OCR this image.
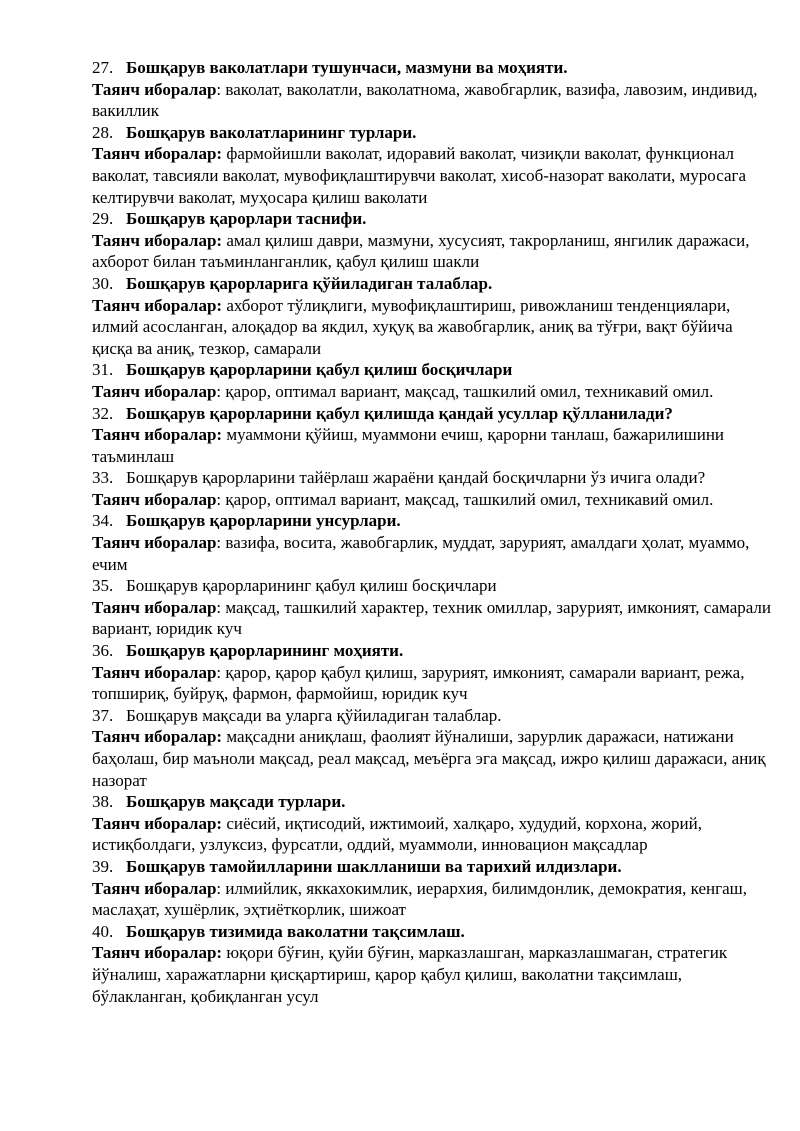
27. Бошқарув ваколатлари тушунчаси, мазмуни ва моҳияти.

Таянч иборалар: ваколат, ваколатли, ваколатнома, жавобгарлик, вазифа, лавозим, индивид, вакиллик

28. Бошқарув ваколатларининг турлари.

Таянч иборалар: фармойишли ваколат, идоравий ваколат, чизиқли ваколат, функционал ваколат, тавсияли ваколат, мувофиқлаштирувчи ваколат, хисоб-назорат ваколати, муросага келтирувчи ваколат, муҳосара қилиш ваколати

29. Бошқарув қарорлари таснифи.

Таянч иборалар: амал қилиш даври, мазмуни, хусусият, такрорланиш, янгилик даражаси, ахборот билан таъминланганлик, қабул қилиш шакли

30. Бошқарув қарорларига қўйиладиган талаблар.

Таянч иборалар: ахборот тўлиқлиги, мувофиқлаштириш, ривожланиш тенденциялари, илмий асосланган, алоқадор ва якдил, хуқуқ ва жавобгарлик, аниқ ва тўғри, вақт бўйича қисқа ва аниқ, тезкор, самарали

31. Бошқарув қарорларини қабул қилиш босқичлари

Таянч иборалар: қарор, оптимал вариант, мақсад, ташкилий омил, техникавий омил.

32. Бошқарув қарорларини қабул қилишда қандай усуллар қўлланилади?

Таянч иборалар: муаммони қўйиш, муаммони ечиш, қарорни танлаш, бажарилишини таъминлаш

33. Бошқарув қарорларини тайёрлаш жараёни қандай босқичларни ўз ичига олади?

Таянч иборалар: қарор, оптимал вариант, мақсад, ташкилий омил, техникавий омил.

34. Бошқарув қарорларини унсурлари.

Таянч иборалар: вазифа, восита, жавобгарлик, муддат, зарурият, амалдаги ҳолат, муаммо, ечим

35. Бошқарув қарорларининг қабул қилиш босқичлари

Таянч иборалар: мақсад, ташкилий характер, техник омиллар, зарурият, имконият, самарали вариант, юридик куч

36. Бошқарув қарорларининг моҳияти.

Таянч иборалар: қарор, қарор қабул қилиш, зарурият, имконият, самарали вариант, режа, топшириқ, буйруқ, фармон, фармойиш, юридик куч

37. Бошқарув мақсади ва уларга қўйиладиган талаблар.

Таянч иборалар: мақсадни аниқлаш, фаолият йўналиши, зарурлик даражаси, натижани баҳолаш, бир маъноли мақсад, реал мақсад, меъёрга эга мақсад, ижро қилиш даражаси, аниқ назорат

38. Бошқарув мақсади турлари.

Таянч иборалар: сиёсий, иқтисодий, ижтимоий, халқаро, худудий, корхона, жорий, истиқболдаги, узлуксиз, фурсатли, оддий, муаммоли, инновацион мақсадлар

39. Бошқарув тамойилларини шаклланиши ва тарихий илдизлари.

Таянч иборалар: илмийлик, яккахокимлик, иерархия, билимдонлик, демократия, кенгаш, маслаҳат, хушёрлик, эҳтиёткорлик, шижоат

40. Бошқарув тизимида ваколатни тақсимлаш.

Таянч иборалар: юқори бўғин, қуйи бўғин, марказлашган, марказлашмаган, стратегик йўналиш, харажатларни қисқартириш, қарор қабул қилиш, ваколатни тақсимлаш, бўлакланган, қобиқланган усул
